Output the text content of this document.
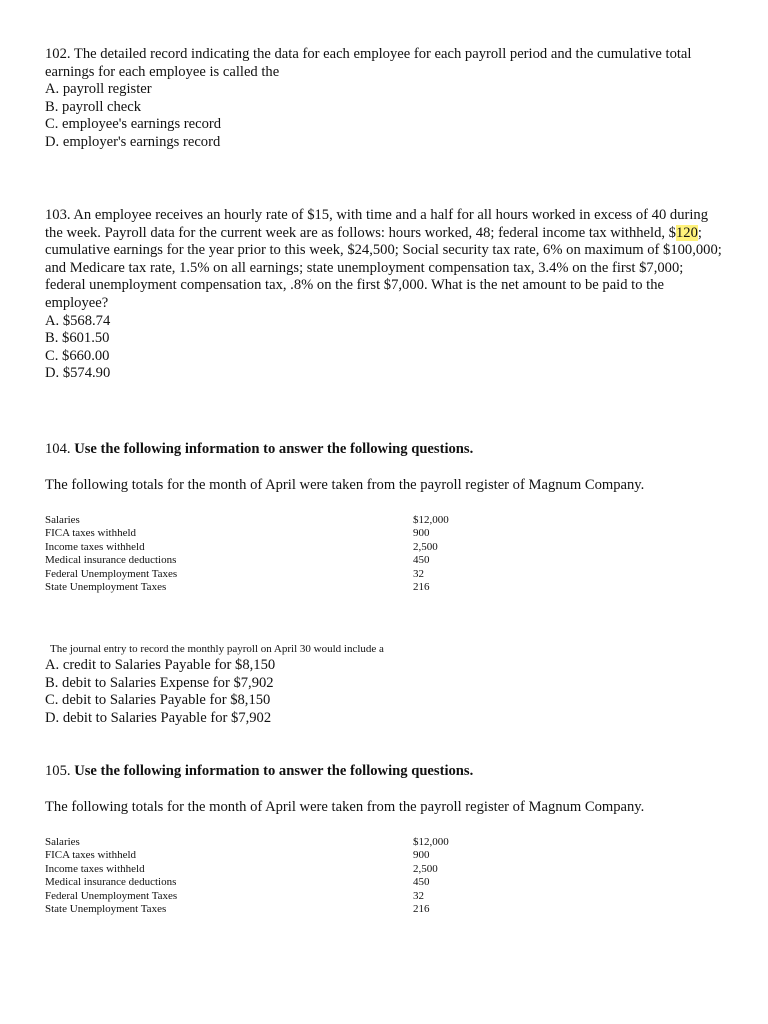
102. The detailed record indicating the data for each employee for each payroll period and the cumulative total earnings for each employee is called the

A. payroll register
B. payroll check
C. employee's earnings record
D. employer's earnings record

103. An employee receives an hourly rate of $15, with time and a half for all hours worked in excess of 40 during the week. Payroll data for the current week are as follows: hours worked, 48; federal income tax withheld, $120; cumulative earnings for the year prior to this week, $24,500; Social security tax rate, 6% on maximum of $100,000; and Medicare tax rate, 1.5% on all earnings; state unemployment compensation tax, 3.4% on the first $7,000; federal unemployment compensation tax, .8% on the first $7,000. What is the net amount to be paid to the employee?

A. $568.74
B. $601.50
C. $660.00
D. $574.90

104. Use the following information to answer the following questions.

The following totals for the month of April were taken from the payroll register of Magnum Company.

Salaries	$12,000
FICA taxes withheld	900
Income taxes withheld	2,500
Medical insurance deductions	450
Federal Unemployment Taxes	32
State Unemployment Taxes	216

The journal entry to record the monthly payroll on April 30 would include a

A. credit to Salaries Payable for $8,150
B. debit to Salaries Expense for $7,902
C. debit to Salaries Payable for $8,150
D. debit to Salaries Payable for $7,902

105. Use the following information to answer the following questions.

The following totals for the month of April were taken from the payroll register of Magnum Company.

Salaries	$12,000
FICA taxes withheld	900
Income taxes withheld	2,500
Medical insurance deductions	450
Federal Unemployment Taxes	32
State Unemployment Taxes	216
